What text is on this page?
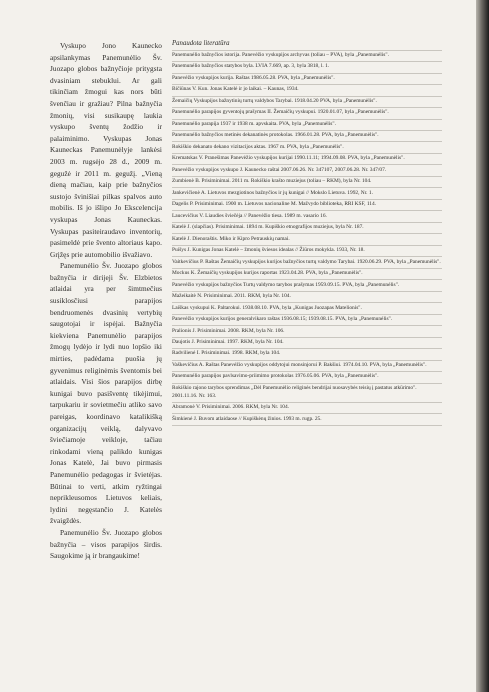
Vyskupo Jono Kaunecko apsilankymas Panemunėlio Šv. Juozapo globos bažnyčioje pritygsta dvasiniam stebuklui. Ar gali tikinčiam žmogui kas nors būti švenčiau ir gražiau? Pilna bažnyčia žmonių, visi susikaupę laukia vyskupo šventų žodžio ir palaiminimo. Vyskupas Jonas Kauneckas Panemunėlyje lankėsi 2003 m. rugsėjo 28 d., 2009 m. gegužė ir 2011 m. gegužį. „Vieną dieną mačiau, kaip prie bažnyčios sustojo švinišiai pilkas spalvos auto mobilis. Iš jo išlipo Jo Ekscelencija vyskupas Jonas Kauneckas. Vyskupas pasiteiraudavo inventorių, pasimeldė prie švento altoriaus kapo. Grįžęs prie automobilio išvažiavo.

Panemunėlio Šv. Juozapo globos bažnyčia ir dirijeji Šv. Elzbietos atlaidai yra per šimtmečius susiklosčiusi parapijos bendruomenės dvasinių vertybių saugotojai ir ispėjai. Bažnyčia kiekviena Panemunėlio parapijos žmogų lydėjo ir lydi nuo lopšio iki mirties, padėdama puošia jų gyvenimus religinėmis šventomis bei atlaidais. Visi šios parapijos dirbę kunigai buvo pasišventę tikėjimui, tarpukariu ir sovietmečiu atliko savo pareigas, koordinavo katalikišką organizacijų veiklą, dalyvavo šviečiamoje veikloje, tačiau rinkodami vieną palikdo kunigas Jonas Katelė, Jai buvo pirmasis Panemunėlio pedagogas ir švietėjas. Būtinai to verti, atkim ryžtingai neprikleusomos Lietuvos keliais, lydini negęstančio J. Katelės žvaigždės.

Panemunėlio Šv. Juozapo globos bažnyčia – visos parapijos širdis. Saugokime ją ir brangaukime!

Panaudota literatūra
Panemunėlio bažnyčios istorija. Panevėžio vyskupijos archyvas (toliau – PVA), byla „Panemunėlis".
Panemunėlio bažnyčios statybos byla. LVIA 7.669, ap. 3, byla 3818, l. 1.
Panevėžio vyskupijos kurija. Raštas 1986.05.28. PVA, byla „Panemunėlis".
Bičiūnas V. Kun. Jonas Katelė ir jo laikai. – Kaunas, 1934.
Žemaičių Vyskupijos bažnytinių turtų valdybos Tarybai. 1918.04.20 PVA, byla „Panemunėlis".
Panemunėlio parapijos gyventojų prašymas II. Žemaičių vyskupui. 1920.01.07, byla „Panemunėlis".
Panemunėlio parapija 1937 ir 1938 m. apvskaitа. PVA, byla „Panemunėlis".
Panemunėlio bažnyčios metinės dekanatinės protokolas. 1966.01.28. PVA, byla „Panemunėlis".
Rokiškio dekanato dekano vizitacijos aktas. 1967 m. PVA, byla „Panemunėlis".
Krematskas V. Pranešimas Panevėžio vyskupijos kurijai 1990.11.11; 1994.09.08. PVA, byla „Panemunėlis".
Panevėžio vyskupijos vyskupo J. Kaunecko raštai 2007.06.26. Nr. 347107, 2007.06.28. Nr. 347/07.
Zumbienė B. Prisiminimai. 2011 m. Rokiškio krašto muziejus (toliau – RKM), byla Nr. 104.
Jankevičienė A. Lietuvos mezgiotinos bažnyčios ir jų kunigai // Mokslo Lietuva. 1992, Nr. 1.
Dagelis P. Prisiminimai. 1900 m. Lietuvos nacionaline M. Mažvydo biblioteka, RRI KSF, 114.
Laucevičius V. Liaudies šviečėja // Panevėžio tiesa. 1989 m. vasario 16.
Katelė J. (slapčias). Prisiminimai. 1894 m. Kupiškio etnografijos muziejus, byla Nr. 187.
Katelė J. Dienoraštis. Miko ir Kipro Petrauskių namai.
Puišys J. Kunigas Jonas Katelė – žmonių šviesos idealas // Žiūros mokykla. 1933, Nr. 18.
Vaitkevičius P. Raštas Žemaičių vyskupijos kurijos bažnyčios turtų valdymo Tarybai. 1920.06.29. PVA, byla „Panemunėlis".
Mockus K. Žemaičių vyskupijos kurijos raportas 1923.04.28. PVA, byla „Panemunėlis".
Panevėžio vyskupijos bažnyčios Turtų valdymo tarybos prašymas 1959.09.15. PVA, byla „Panemunėlis".
Mažeikaitė N. Prisiminimai. 2011. RKM, byla Nr. 104.
Laiškas vyskupui K. Paltarokui. 1938.08.10. PVA, byla „Kunigas Juozapas Matelionis".
Panevėžio vyskupijos kurijos generalvikaro raštas 1936.08.15; 1939.08.15. PVA, byla „Panemunėlis".
Pralionis J. Prisiminimai. 2008. RKM, byla Nr. 106.
Daujotis J. Prisiminimai. 1997. RKM, byla Nr. 104.
Radvilienė I. Prisiminimai. 1998. RKM, byla 104.
Vaškevičius A. Raštas Panevėžio vyskupijos oddytojui monsinjorui P. Bakšiui. 1974.04.10. PVA, byla „Panemunėlis".
Panemunėlio parapijos pavlsavimo-priimimo protokolas 1976.05.06. PVA, byla „Panemunėlis".
Rokiškio rajono tarybos sprendimas „Dėl Panemunėlio religinės bendrijai nuosavybės teisių į pastatus atkūrimo". 2001.11.16. Nr. 163.
Abramonė V. Prisiminimai. 2006. RKM, byla Nr. 104.
Šimkienė J. Buvom atlaidaose // Kupiškėnų žinios. 1993 m. rugp. 25.
